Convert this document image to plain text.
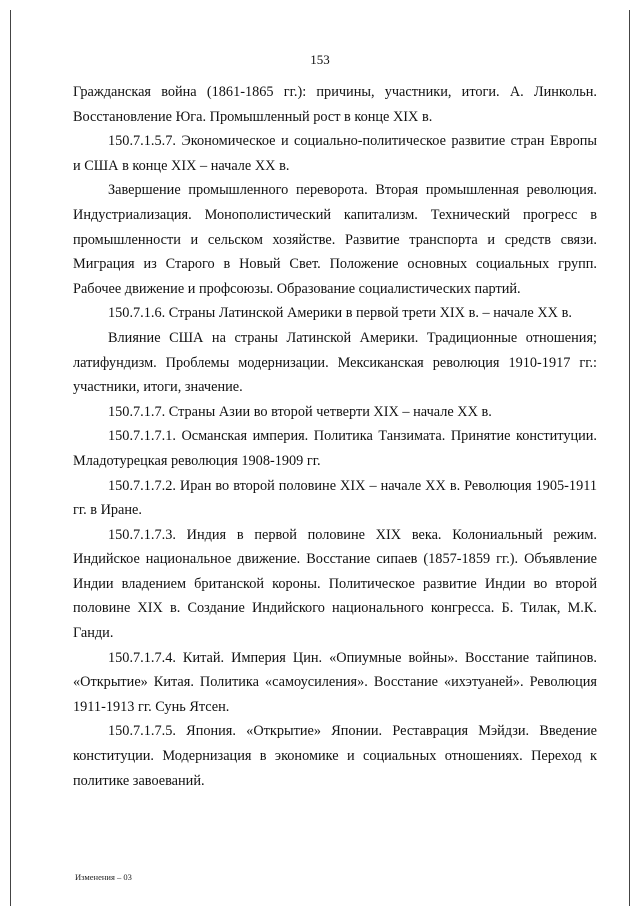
153

Гражданская война (1861-1865 гг.): причины, участники, итоги. А. Линкольн. Восстановление Юга. Промышленный рост в конце XIX в.

150.7.1.5.7. Экономическое и социально-политическое развитие стран Европы и США в конце XIX – начале XX в.

Завершение промышленного переворота. Вторая промышленная революция. Индустриализация. Монополистический капитализм. Технический прогресс в промышленности и сельском хозяйстве. Развитие транспорта и средств связи. Миграция из Старого в Новый Свет. Положение основных социальных групп. Рабочее движение и профсоюзы. Образование социалистических партий.

150.7.1.6. Страны Латинской Америки в первой трети XIX в. – начале XX в.

Влияние США на страны Латинской Америки. Традиционные отношения; латифундизм. Проблемы модернизации. Мексиканская революция 1910-1917 гг.: участники, итоги, значение.

150.7.1.7. Страны Азии во второй четверти XIX – начале XX в.

150.7.1.7.1. Османская империя. Политика Танзимата. Принятие конституции. Младотурецкая революция 1908-1909 гг.

150.7.1.7.2. Иран во второй половине XIX – начале XX в. Революция 1905-1911 гг. в Иране.

150.7.1.7.3. Индия в первой половине XIX века. Колониальный режим. Индийское национальное движение. Восстание сипаев (1857-1859 гг.). Объявление Индии владением британской короны. Политическое развитие Индии во второй половине XIX в. Создание Индийского национального конгресса. Б. Тилак, М.К. Ганди.

150.7.1.7.4. Китай. Империя Цин. «Опиумные войны». Восстание тайпинов. «Открытие» Китая. Политика «самоусиления». Восстание «ихэтуаней». Революция 1911-1913 гг. Сунь Ятсен.

150.7.1.7.5. Япония. «Открытие» Японии. Реставрация Мэйдзи. Введение конституции. Модернизация в экономике и социальных отношениях. Переход к политике завоеваний.

Изменения – 03
